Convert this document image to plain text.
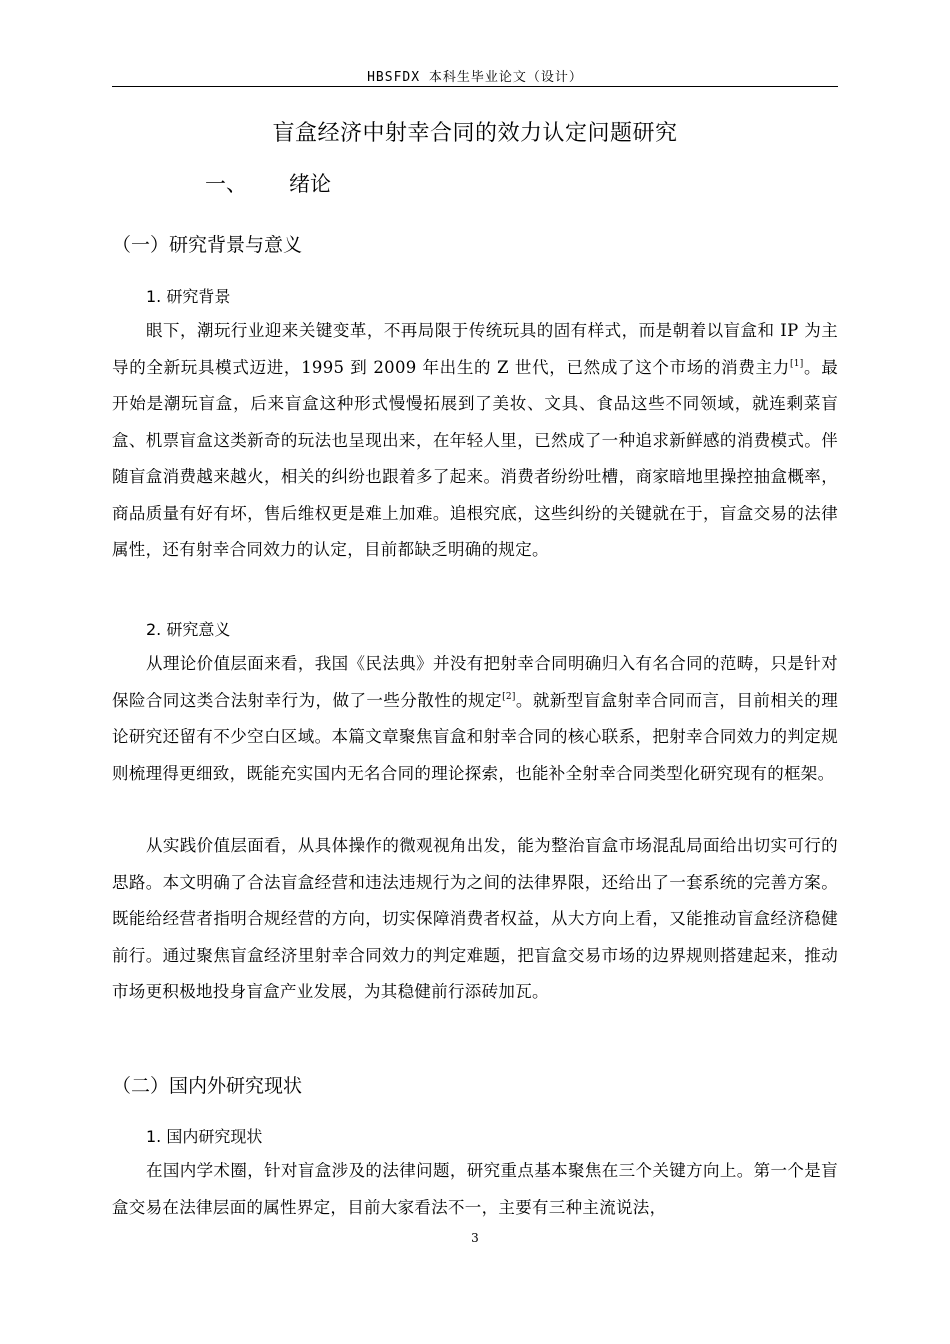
HBSFDX 本科生毕业论文（设计）
盲盒经济中射幸合同的效力认定问题研究
一、 绪论
（一）研究背景与意义
1. 研究背景
眼下，潮玩行业迎来关键变革，不再局限于传统玩具的固有样式，而是朝着以盲盒和 IP 为主导的全新玩具模式迈进，1995 到 2009 年出生的 Z 世代，已然成了这个市场的消费主力[1]。最开始是潮玩盲盒，后来盲盒这种形式慢慢拓展到了美妆、文具、食品这些不同领域，就连剩菜盲盒、机票盲盒这类新奇的玩法也呈现出来，在年轻人里，已然成了一种追求新鲜感的消费模式。伴随盲盒消费越来越火，相关的纠纷也跟着多了起来。消费者纷纷吐槽，商家暗地里操控抽盒概率，商品质量有好有坏，售后维权更是难上加难。追根究底，这些纠纷的关键就在于，盲盒交易的法律属性，还有射幸合同效力的认定，目前都缺乏明确的规定。
2. 研究意义
从理论价值层面来看，我国《民法典》并没有把射幸合同明确归入有名合同的范畴，只是针对保险合同这类合法射幸行为，做了一些分散性的规定[2]。就新型盲盒射幸合同而言，目前相关的理论研究还留有不少空白区域。本篇文章聚焦盲盒和射幸合同的核心联系，把射幸合同效力的判定规则梳理得更细致，既能充实国内无名合同的理论探索，也能补全射幸合同类型化研究现有的框架。
从实践价值层面看，从具体操作的微观视角出发，能为整治盲盒市场混乱局面给出切实可行的思路。本文明确了合法盲盒经营和违法违规行为之间的法律界限，还给出了一套系统的完善方案。既能给经营者指明合规经营的方向，切实保障消费者权益，从大方向上看，又能推动盲盒经济稳健前行。通过聚焦盲盒经济里射幸合同效力的判定难题，把盲盒交易市场的边界规则搭建起来，推动市场更积极地投身盲盒产业发展，为其稳健前行添砖加瓦。
（二）国内外研究现状
1. 国内研究现状
在国内学术圈，针对盲盒涉及的法律问题，研究重点基本聚焦在三个关键方向上。第一个是盲盒交易在法律层面的属性界定，目前大家看法不一，主要有三种主流说法，
3
